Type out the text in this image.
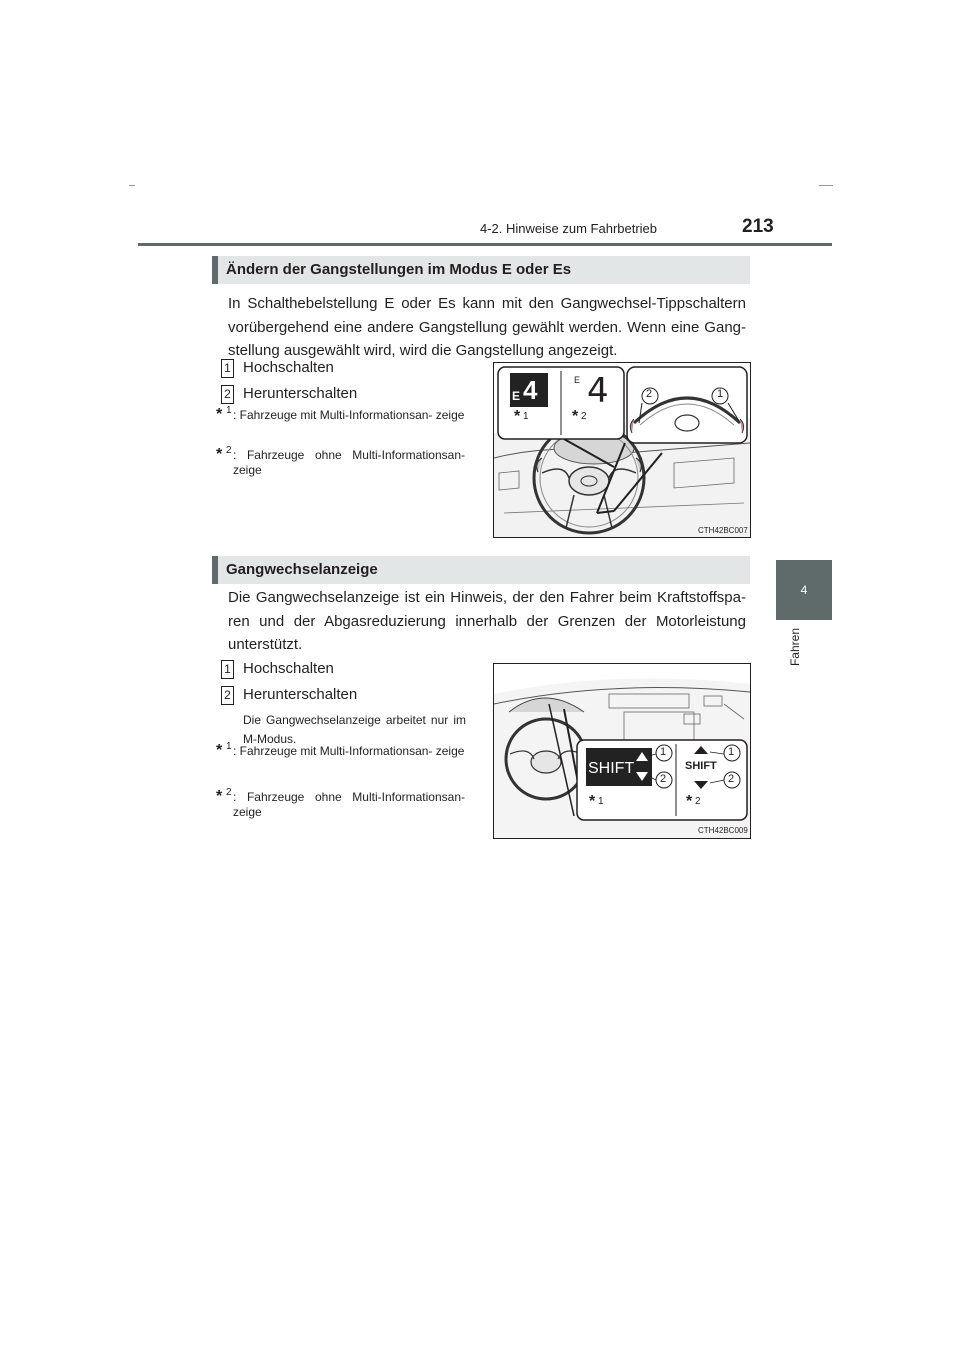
4-2. Hinweise zum Fahrbetrieb	213
4
Fahren
Ändern der Gangstellungen im Modus E oder Es
In Schalthebelstellung E oder Es kann mit den Gangwechsel-Tippschaltern vorübergehend eine andere Gangstellung gewählt werden. Wenn eine Gang- stellung ausgewählt wird, wird die Gangstellung angezeigt.
1 Hochschalten
2 Herunterschalten
* 1 : Fahrzeuge mit Multi-Informationsan- zeige
* 2 : Fahrzeuge ohne Multi-Informationsan- zeige
E 4	E 4
* 1	* 2
2	1
CTH42BC007
Gangwechselanzeige
Die Gangwechselanzeige ist ein Hinweis, der den Fahrer beim Kraftstoffspa- ren und der Abgasreduzierung innerhalb der Grenzen der Motorleistung unterstützt.
1 Hochschalten
2 Herunterschalten
Die Gangwechselanzeige arbeitet nur im M-Modus.
* 1 : Fahrzeuge mit Multi-Informationsan- zeige
* 2 : Fahrzeuge ohne Multi-Informationsan- zeige
SHIFT	SHIFT
1
2
1
2
* 1	* 2
CTH42BC009
